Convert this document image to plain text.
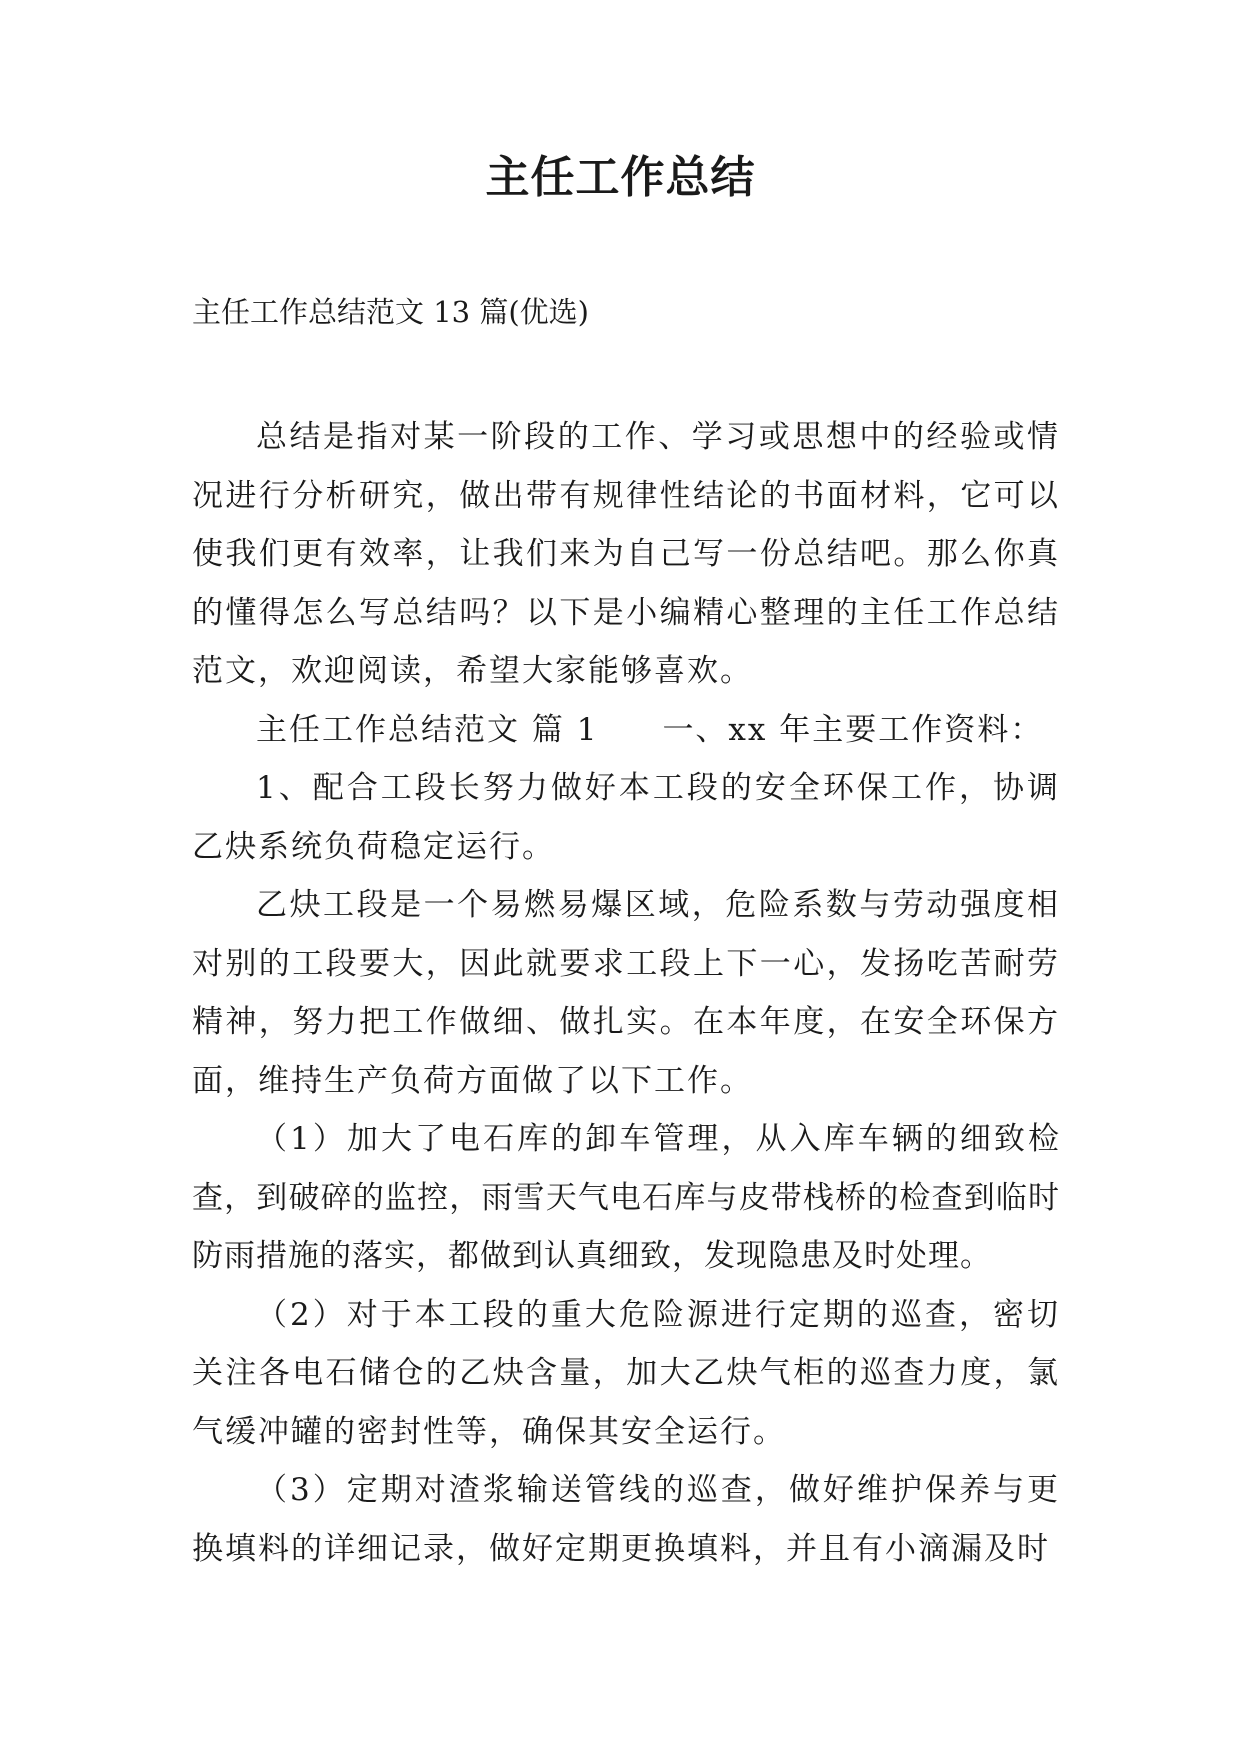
主任工作总结

主任工作总结范文 13 篇(优选)

总结是指对某一阶段的工作、学习或思想中的经验或情况进行分析研究，做出带有规律性结论的书面材料，它可以使我们更有效率，让我们来为自己写一份总结吧。那么你真的懂得怎么写总结吗？以下是小编精心整理的主任工作总结范文，欢迎阅读，希望大家能够喜欢。

主任工作总结范文 篇 1 一、xx 年主要工作资料：

1、配合工段长努力做好本工段的安全环保工作，协调乙炔系统负荷稳定运行。

乙炔工段是一个易燃易爆区域，危险系数与劳动强度相对别的工段要大，因此就要求工段上下一心，发扬吃苦耐劳精神，努力把工作做细、做扎实。在本年度，在安全环保方面，维持生产负荷方面做了以下工作。

（1）加大了电石库的卸车管理，从入库车辆的细致检查，到破碎的监控，雨雪天气电石库与皮带栈桥的检查到临时防雨措施的落实，都做到认真细致，发现隐患及时处理。

（2）对于本工段的重大危险源进行定期的巡查，密切关注各电石储仓的乙炔含量，加大乙炔气柜的巡查力度，氯气缓冲罐的密封性等，确保其安全运行。

（3）定期对渣浆输送管线的巡查，做好维护保养与更换填料的详细记录，做好定期更换填料，并且有小滴漏及时
